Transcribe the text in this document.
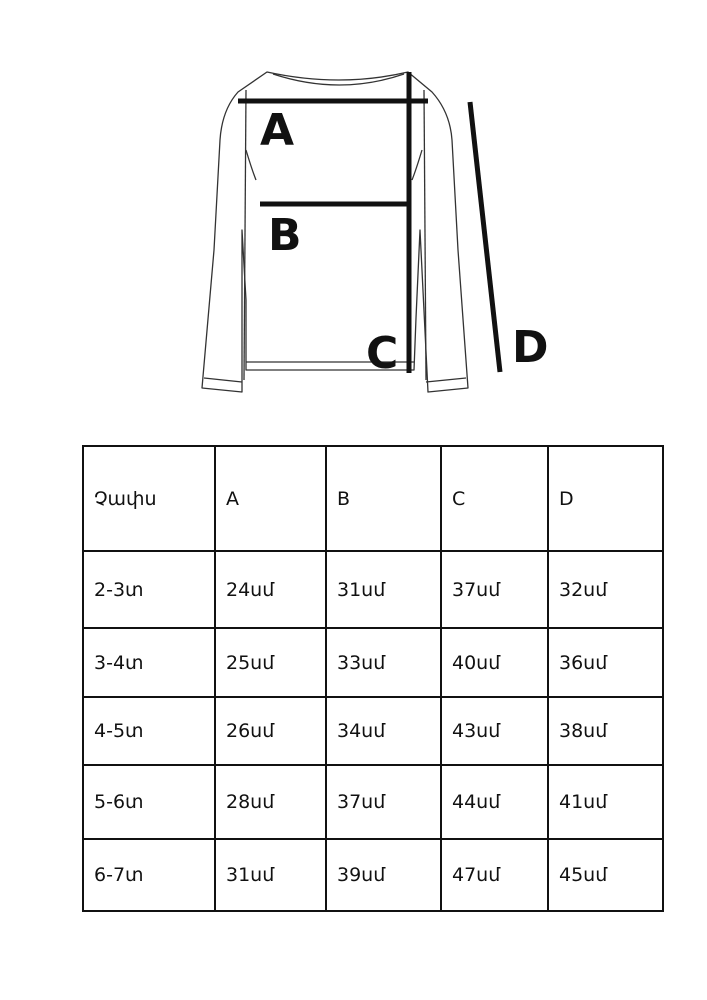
A
B
C	D
Չափս	A	B	C	D
2-3տ	24սմ	31սմ	37սմ	32սմ
3-4տ	25սմ	33սմ	40սմ	36սմ
4-5տ	26սմ	34սմ	43սմ	38սմ
5-6տ	28սմ	37սմ	44սմ	41սմ
6-7տ	31սմ	39սմ	47սմ	45սմ
